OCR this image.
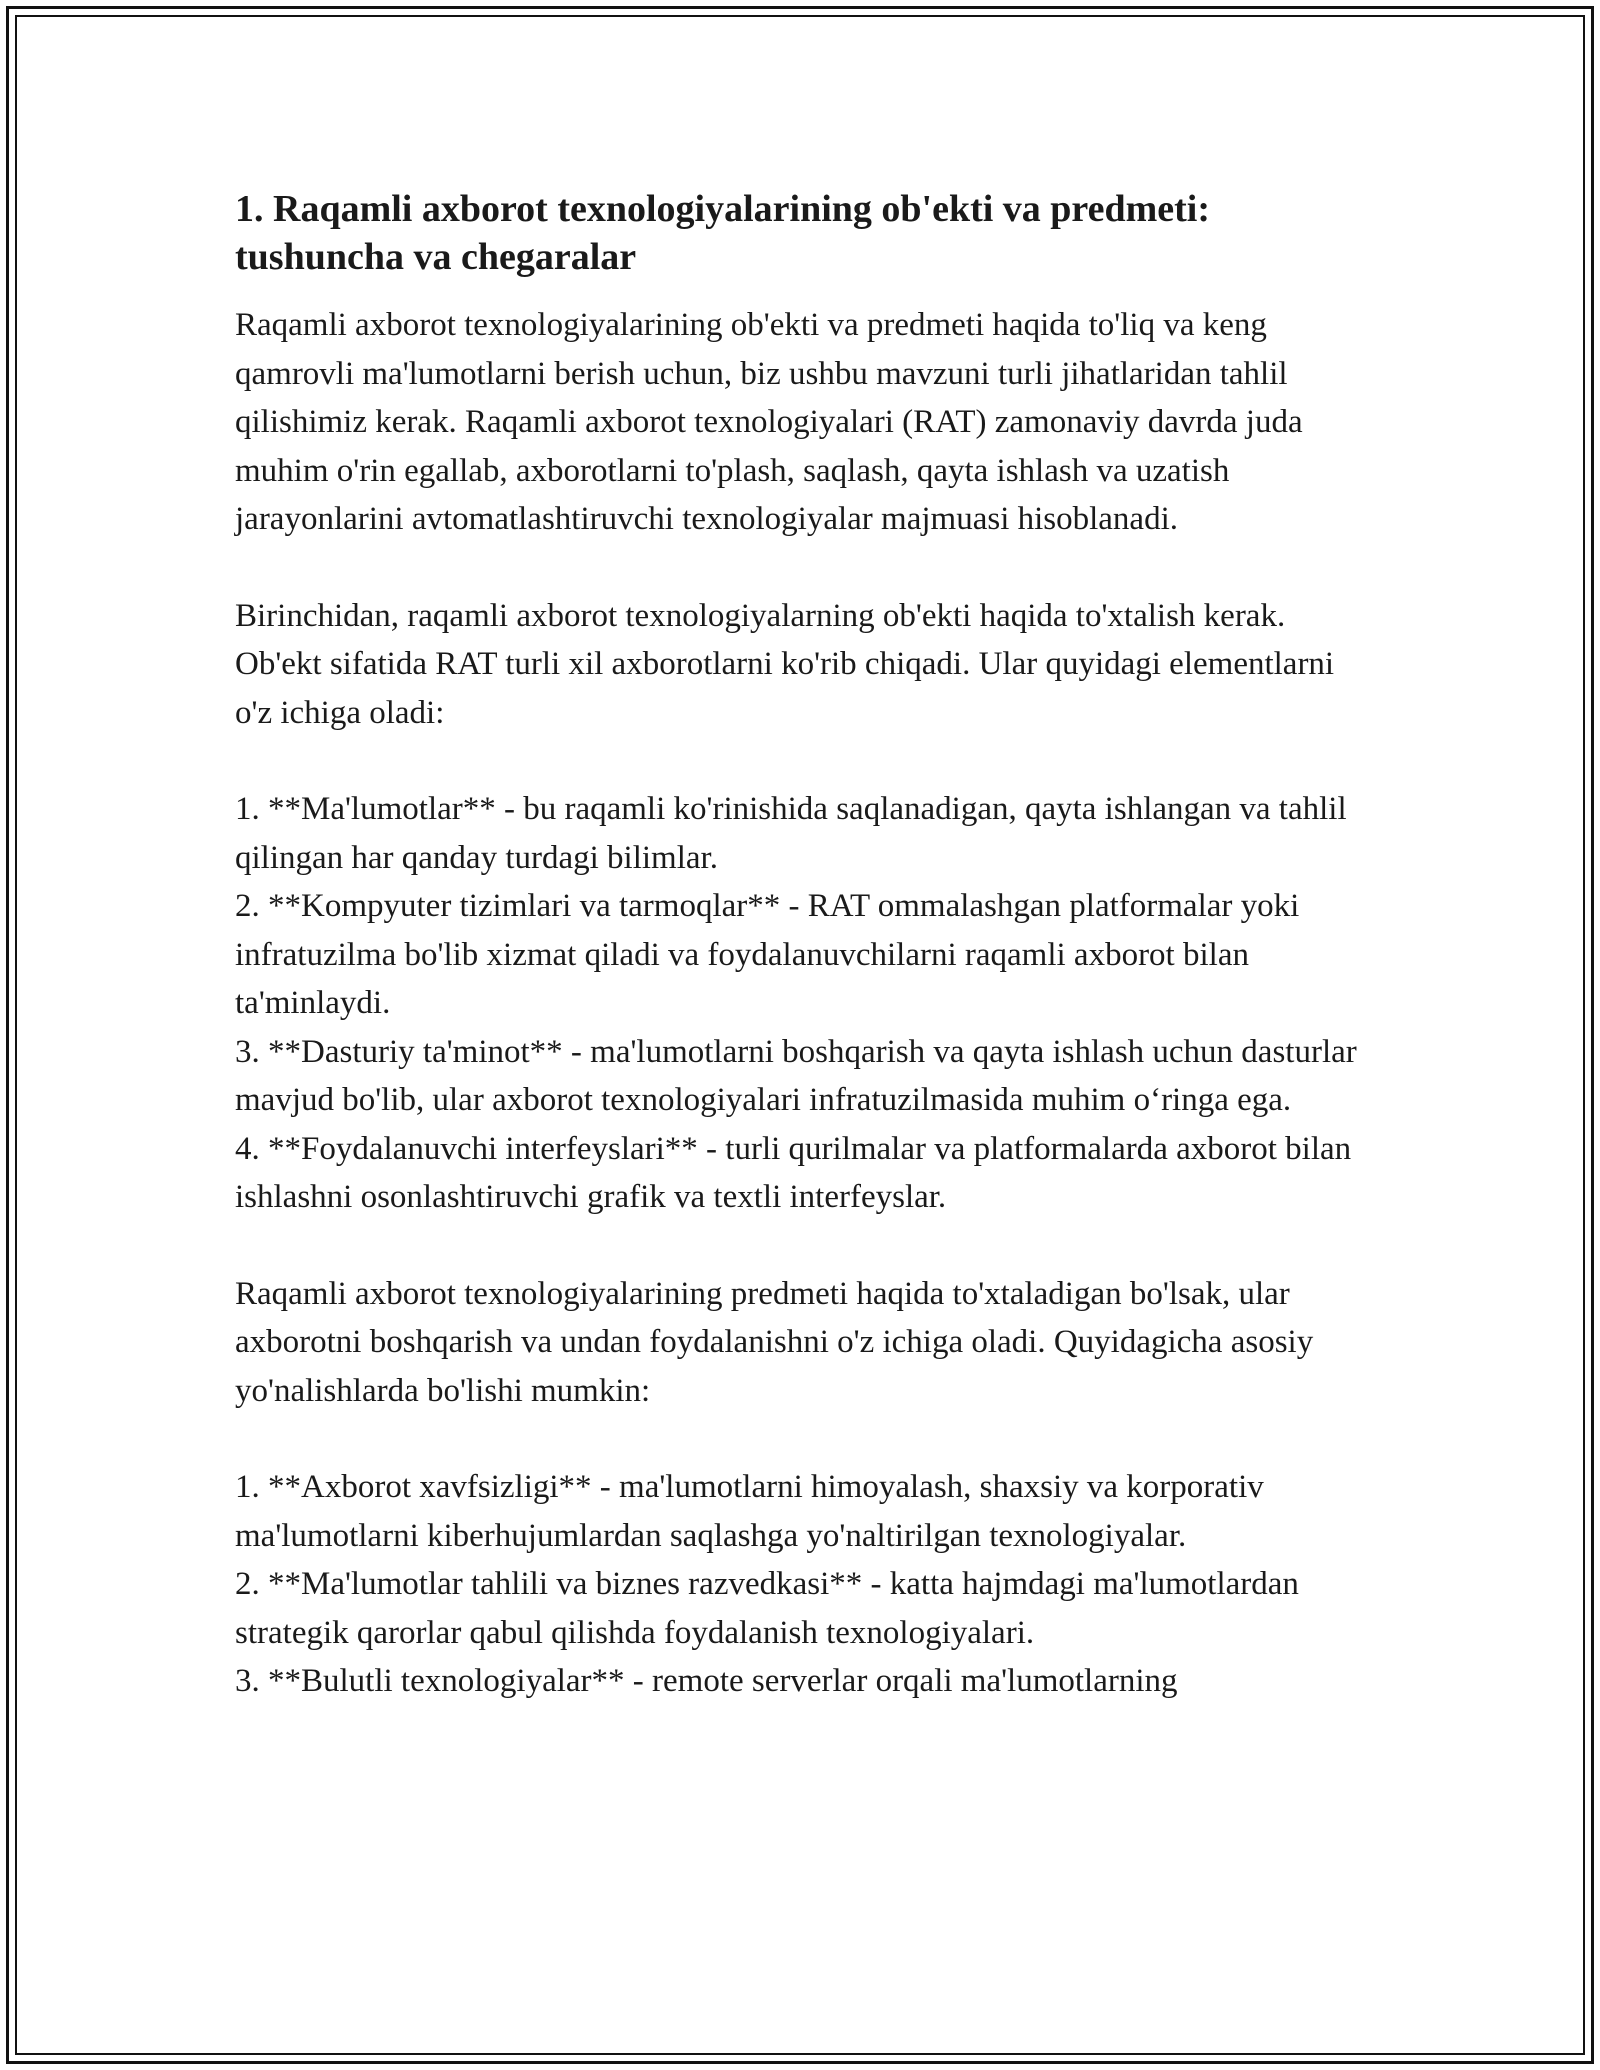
1. Raqamli axborot texnologiyalarining ob'ekti va predmeti: tushuncha va chegaralar

Raqamli axborot texnologiyalarining ob'ekti va predmeti haqida to'liq va keng qamrovli ma'lumotlarni berish uchun, biz ushbu mavzuni turli jihatlaridan tahlil qilishimiz kerak. Raqamli axborot texnologiyalari (RAT) zamonaviy davrda juda muhim o'rin egallab, axborotlarni to'plash, saqlash, qayta ishlash va uzatish jarayonlarini avtomatlashtiruvchi texnologiyalar majmuasi hisoblanadi.

Birinchidan, raqamli axborot texnologiyalarning ob'ekti haqida to'xtalish kerak. Ob'ekt sifatida RAT turli xil axborotlarni ko'rib chiqadi. Ular quyidagi elementlarni o'z ichiga oladi:

1. **Ma'lumotlar** - bu raqamli ko'rinishida saqlanadigan, qayta ishlangan va tahlil qilingan har qanday turdagi bilimlar.
2. **Kompyuter tizimlari va tarmoqlar** - RAT ommalashgan platformalar yoki infratuzilma bo'lib xizmat qiladi va foydalanuvchilarni raqamli axborot bilan ta'minlaydi.
3. **Dasturiy ta'minot** - ma'lumotlarni boshqarish va qayta ishlash uchun dasturlar mavjud bo'lib, ular axborot texnologiyalari infratuzilmasida muhim o‘ringa ega.
4. **Foydalanuvchi interfeyslari** - turli qurilmalar va platformalarda axborot bilan ishlashni osonlashtiruvchi grafik va textli interfeyslar.

Raqamli axborot texnologiyalarining predmeti haqida to'xtaladigan bo'lsak, ular axborotni boshqarish va undan foydalanishni o'z ichiga oladi. Quyidagicha asosiy yo'nalishlarda bo'lishi mumkin:

1. **Axborot xavfsizligi** - ma'lumotlarni himoyalash, shaxsiy va korporativ ma'lumotlarni kiberhujumlardan saqlashga yo'naltirilgan texnologiyalar.
2. **Ma'lumotlar tahlili va biznes razvedkasi** - katta hajmdagi ma'lumotlardan strategik qarorlar qabul qilishda foydalanish texnologiyalari.
3. **Bulutli texnologiyalar** - remote serverlar orqali ma'lumotlarning
